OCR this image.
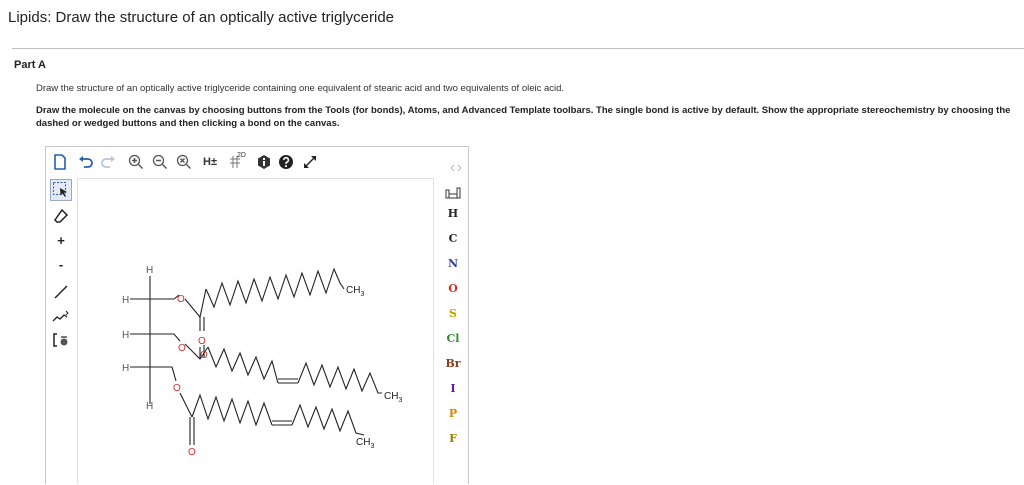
Lipids: Draw the structure of an optically active triglyceride
Part A
Draw the structure of an optically active triglyceride containing one equivalent of stearic acid and two equivalents of oleic acid.
Draw the molecule on the canvas by choosing buttons from the Tools (for bonds), Atoms, and Advanced Template toolbars. The single bond is active by default. Show the appropriate stereochemistry by choosing the dashed or wedged buttons and then clicking a bond on the canvas.
H±
2D
+
-	H
H
H
H
H
O
O
O
O
O
O
$CH_3$
$CH_3$
$CH_3$
H
C
N
O
S
Cl
Br
I
P
F
